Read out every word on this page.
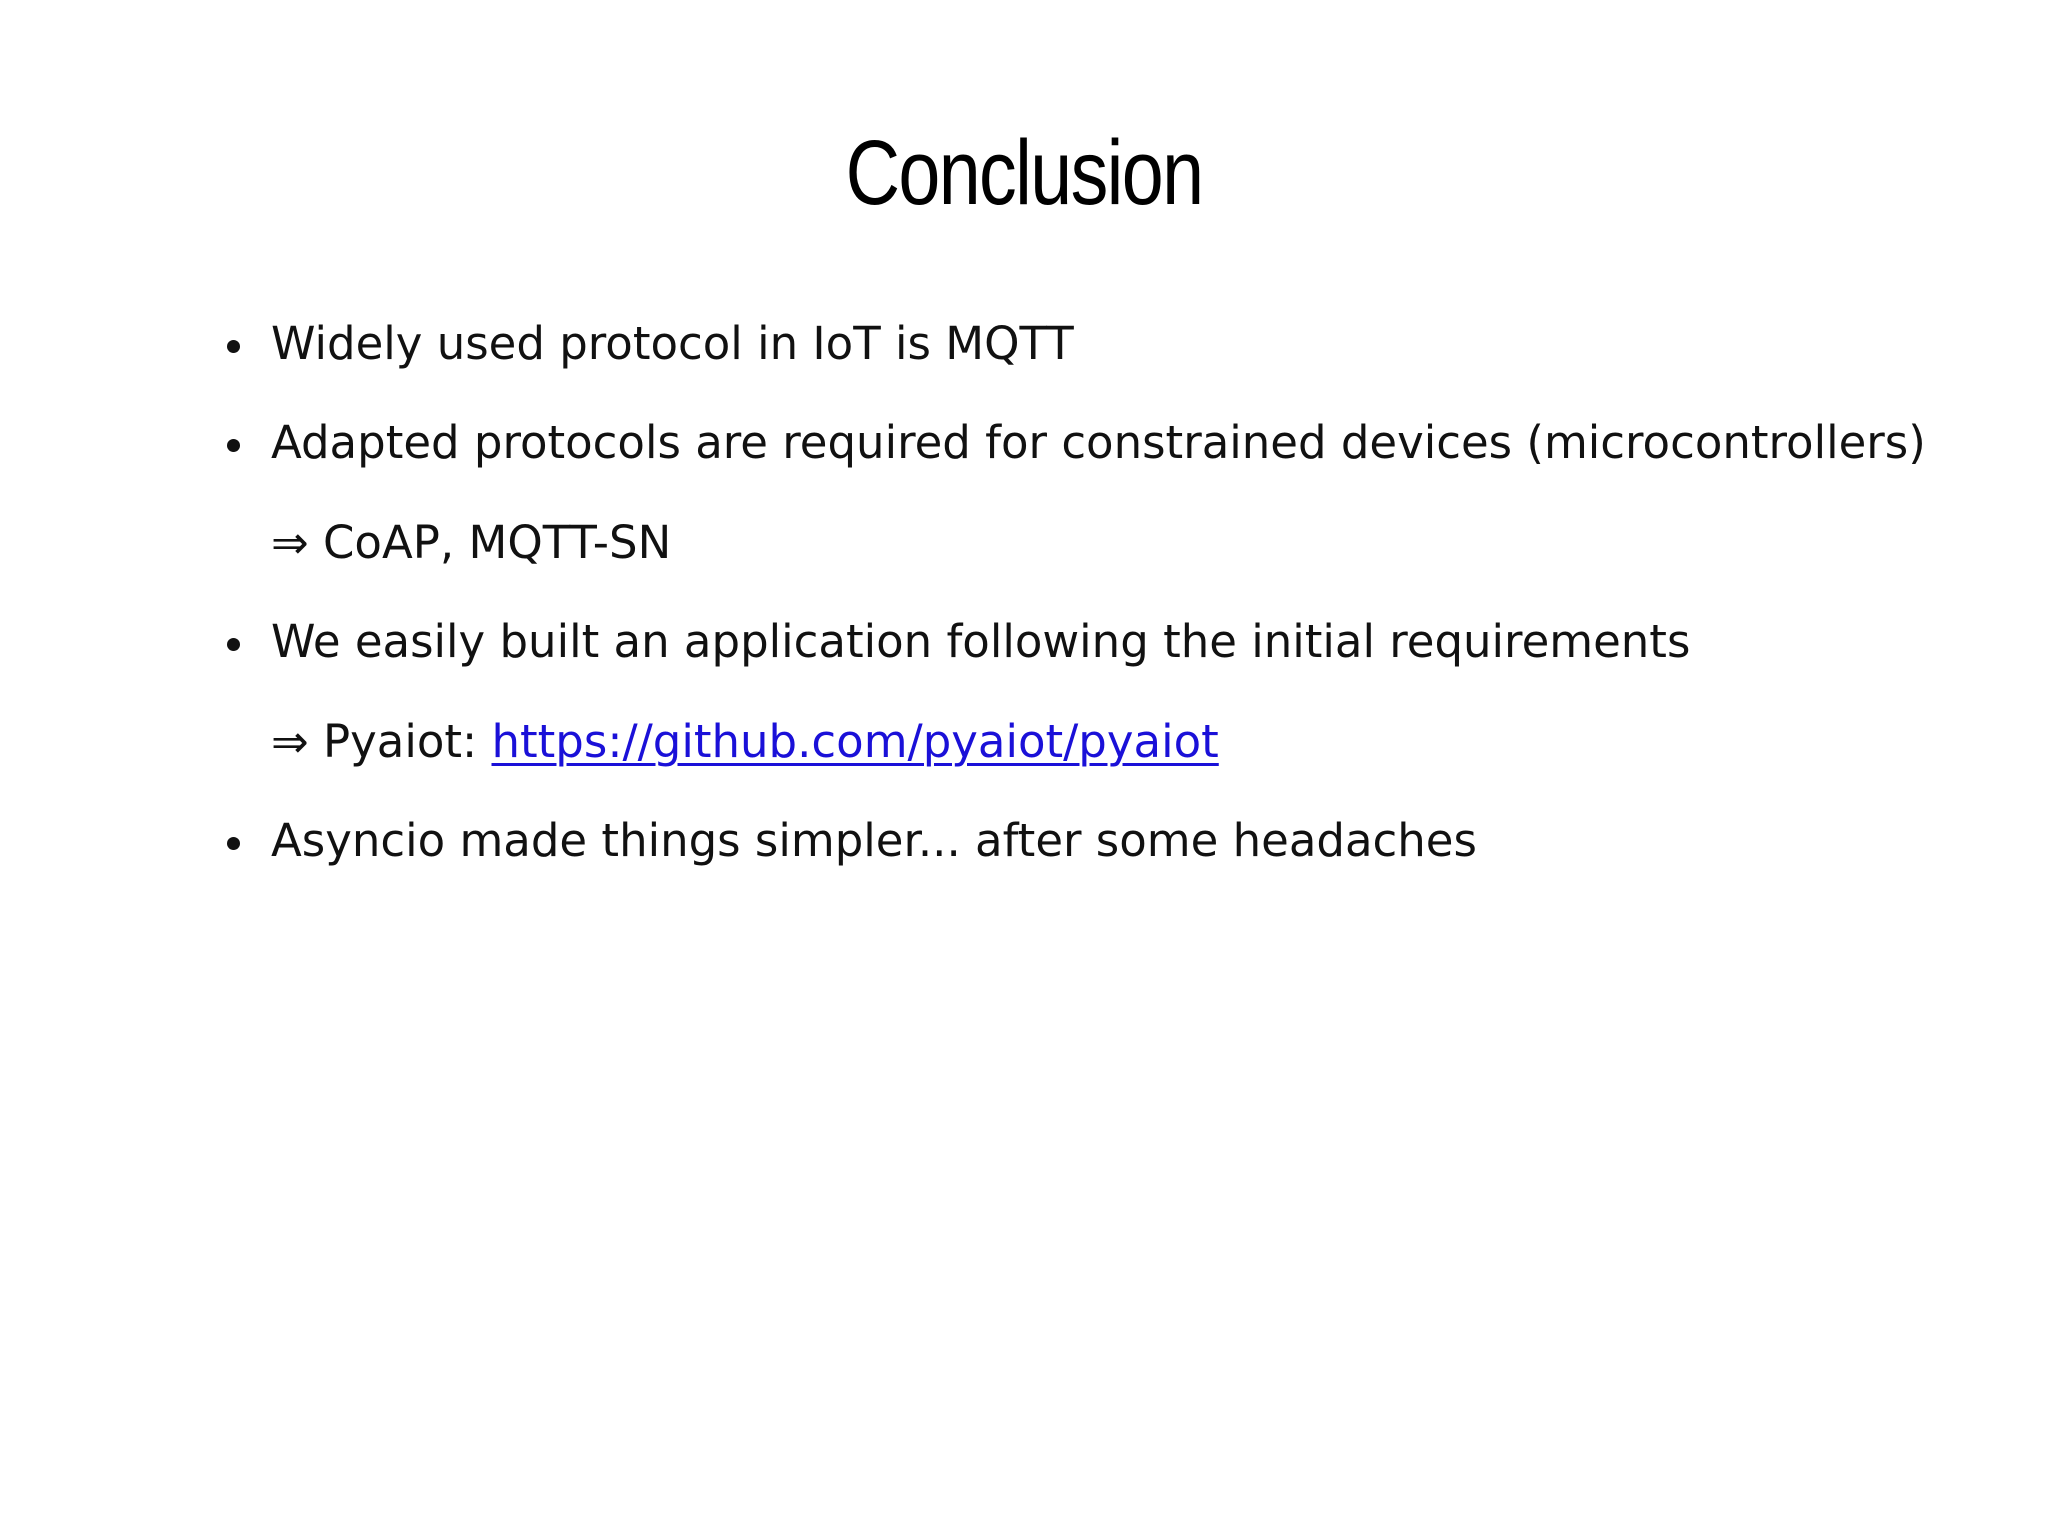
Conclusion
Widely used protocol in IoT is MQTT
Adapted protocols are required for constrained devices (microcontrollers)
⇒ CoAP, MQTT-SN
We easily built an application following the initial requirements
⇒ Pyaiot: https://github.com/pyaiot/pyaiot
Asyncio made things simpler... after some headaches
